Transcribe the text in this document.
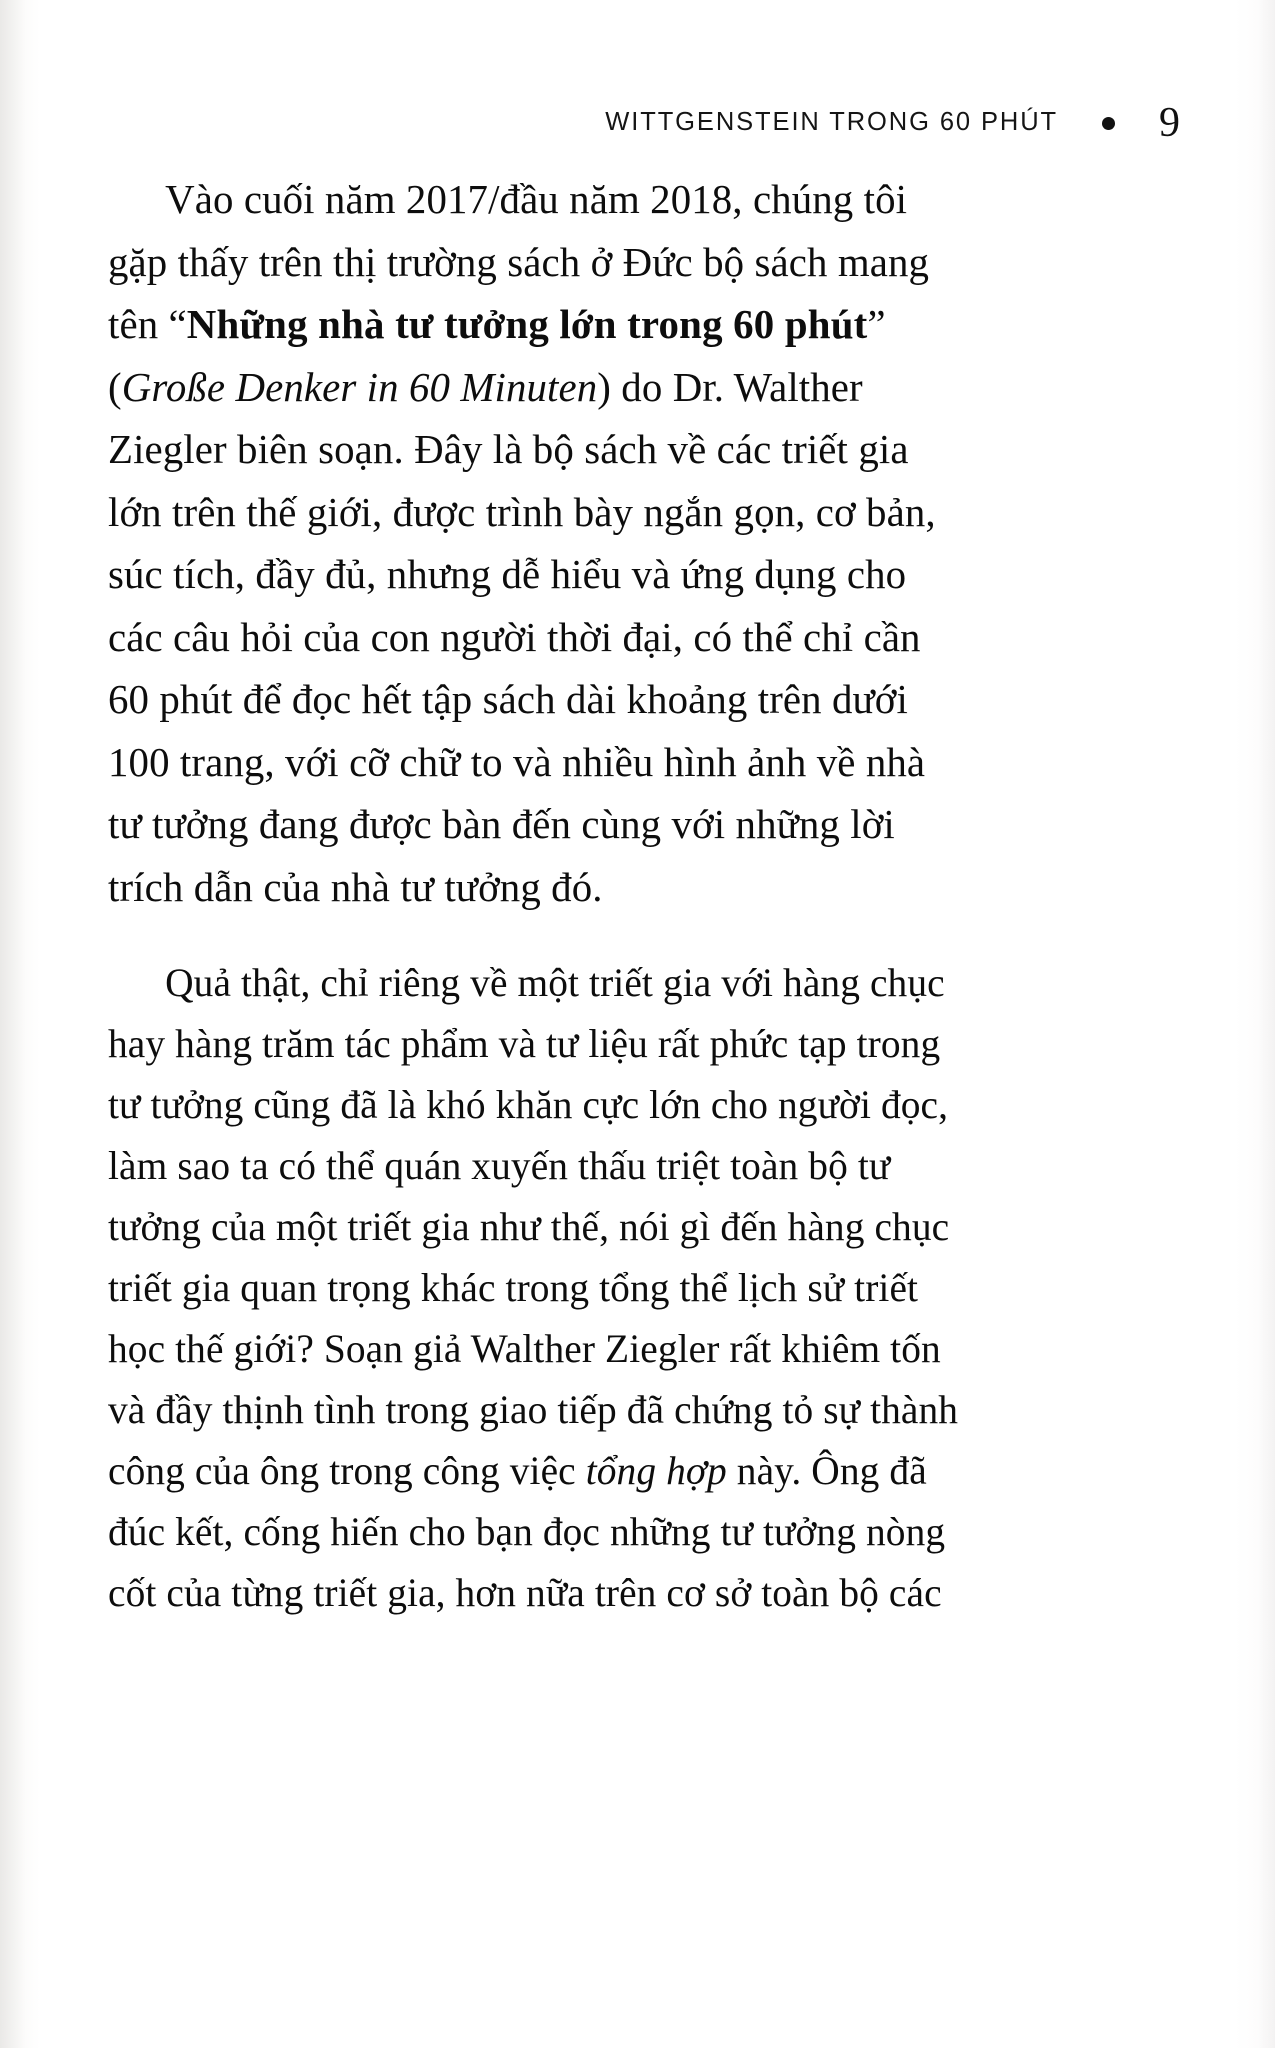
WITTGENSTEIN TRONG 60 PHÚT 9

Vào cuối năm 2017/đầu năm 2018, chúng tôi
gặp thấy trên thị trường sách ở Đức bộ sách mang
tên “Những nhà tư tưởng lớn trong 60 phút”
(Große Denker in 60 Minuten) do Dr. Walther
Ziegler biên soạn. Đây là bộ sách về các triết gia
lớn trên thế giới, được trình bày ngắn gọn, cơ bản,
súc tích, đầy đủ, nhưng dễ hiểu và ứng dụng cho
các câu hỏi của con người thời đại, có thể chỉ cần
60 phút để đọc hết tập sách dài khoảng trên dưới
100 trang, với cỡ chữ to và nhiều hình ảnh về nhà
tư tưởng đang được bàn đến cùng với những lời
trích dẫn của nhà tư tưởng đó.

Quả thật, chỉ riêng về một triết gia với hàng chục
hay hàng trăm tác phẩm và tư liệu rất phức tạp trong
tư tưởng cũng đã là khó khăn cực lớn cho người đọc,
làm sao ta có thể quán xuyến thấu triệt toàn bộ tư
tưởng của một triết gia như thế, nói gì đến hàng chục
triết gia quan trọng khác trong tổng thể lịch sử triết
học thế giới? Soạn giả Walther Ziegler rất khiêm tốn
và đầy thịnh tình trong giao tiếp đã chứng tỏ sự thành
công của ông trong công việc tổng hợp này. Ông đã
đúc kết, cống hiến cho bạn đọc những tư tưởng nòng
cốt của từng triết gia, hơn nữa trên cơ sở toàn bộ các
